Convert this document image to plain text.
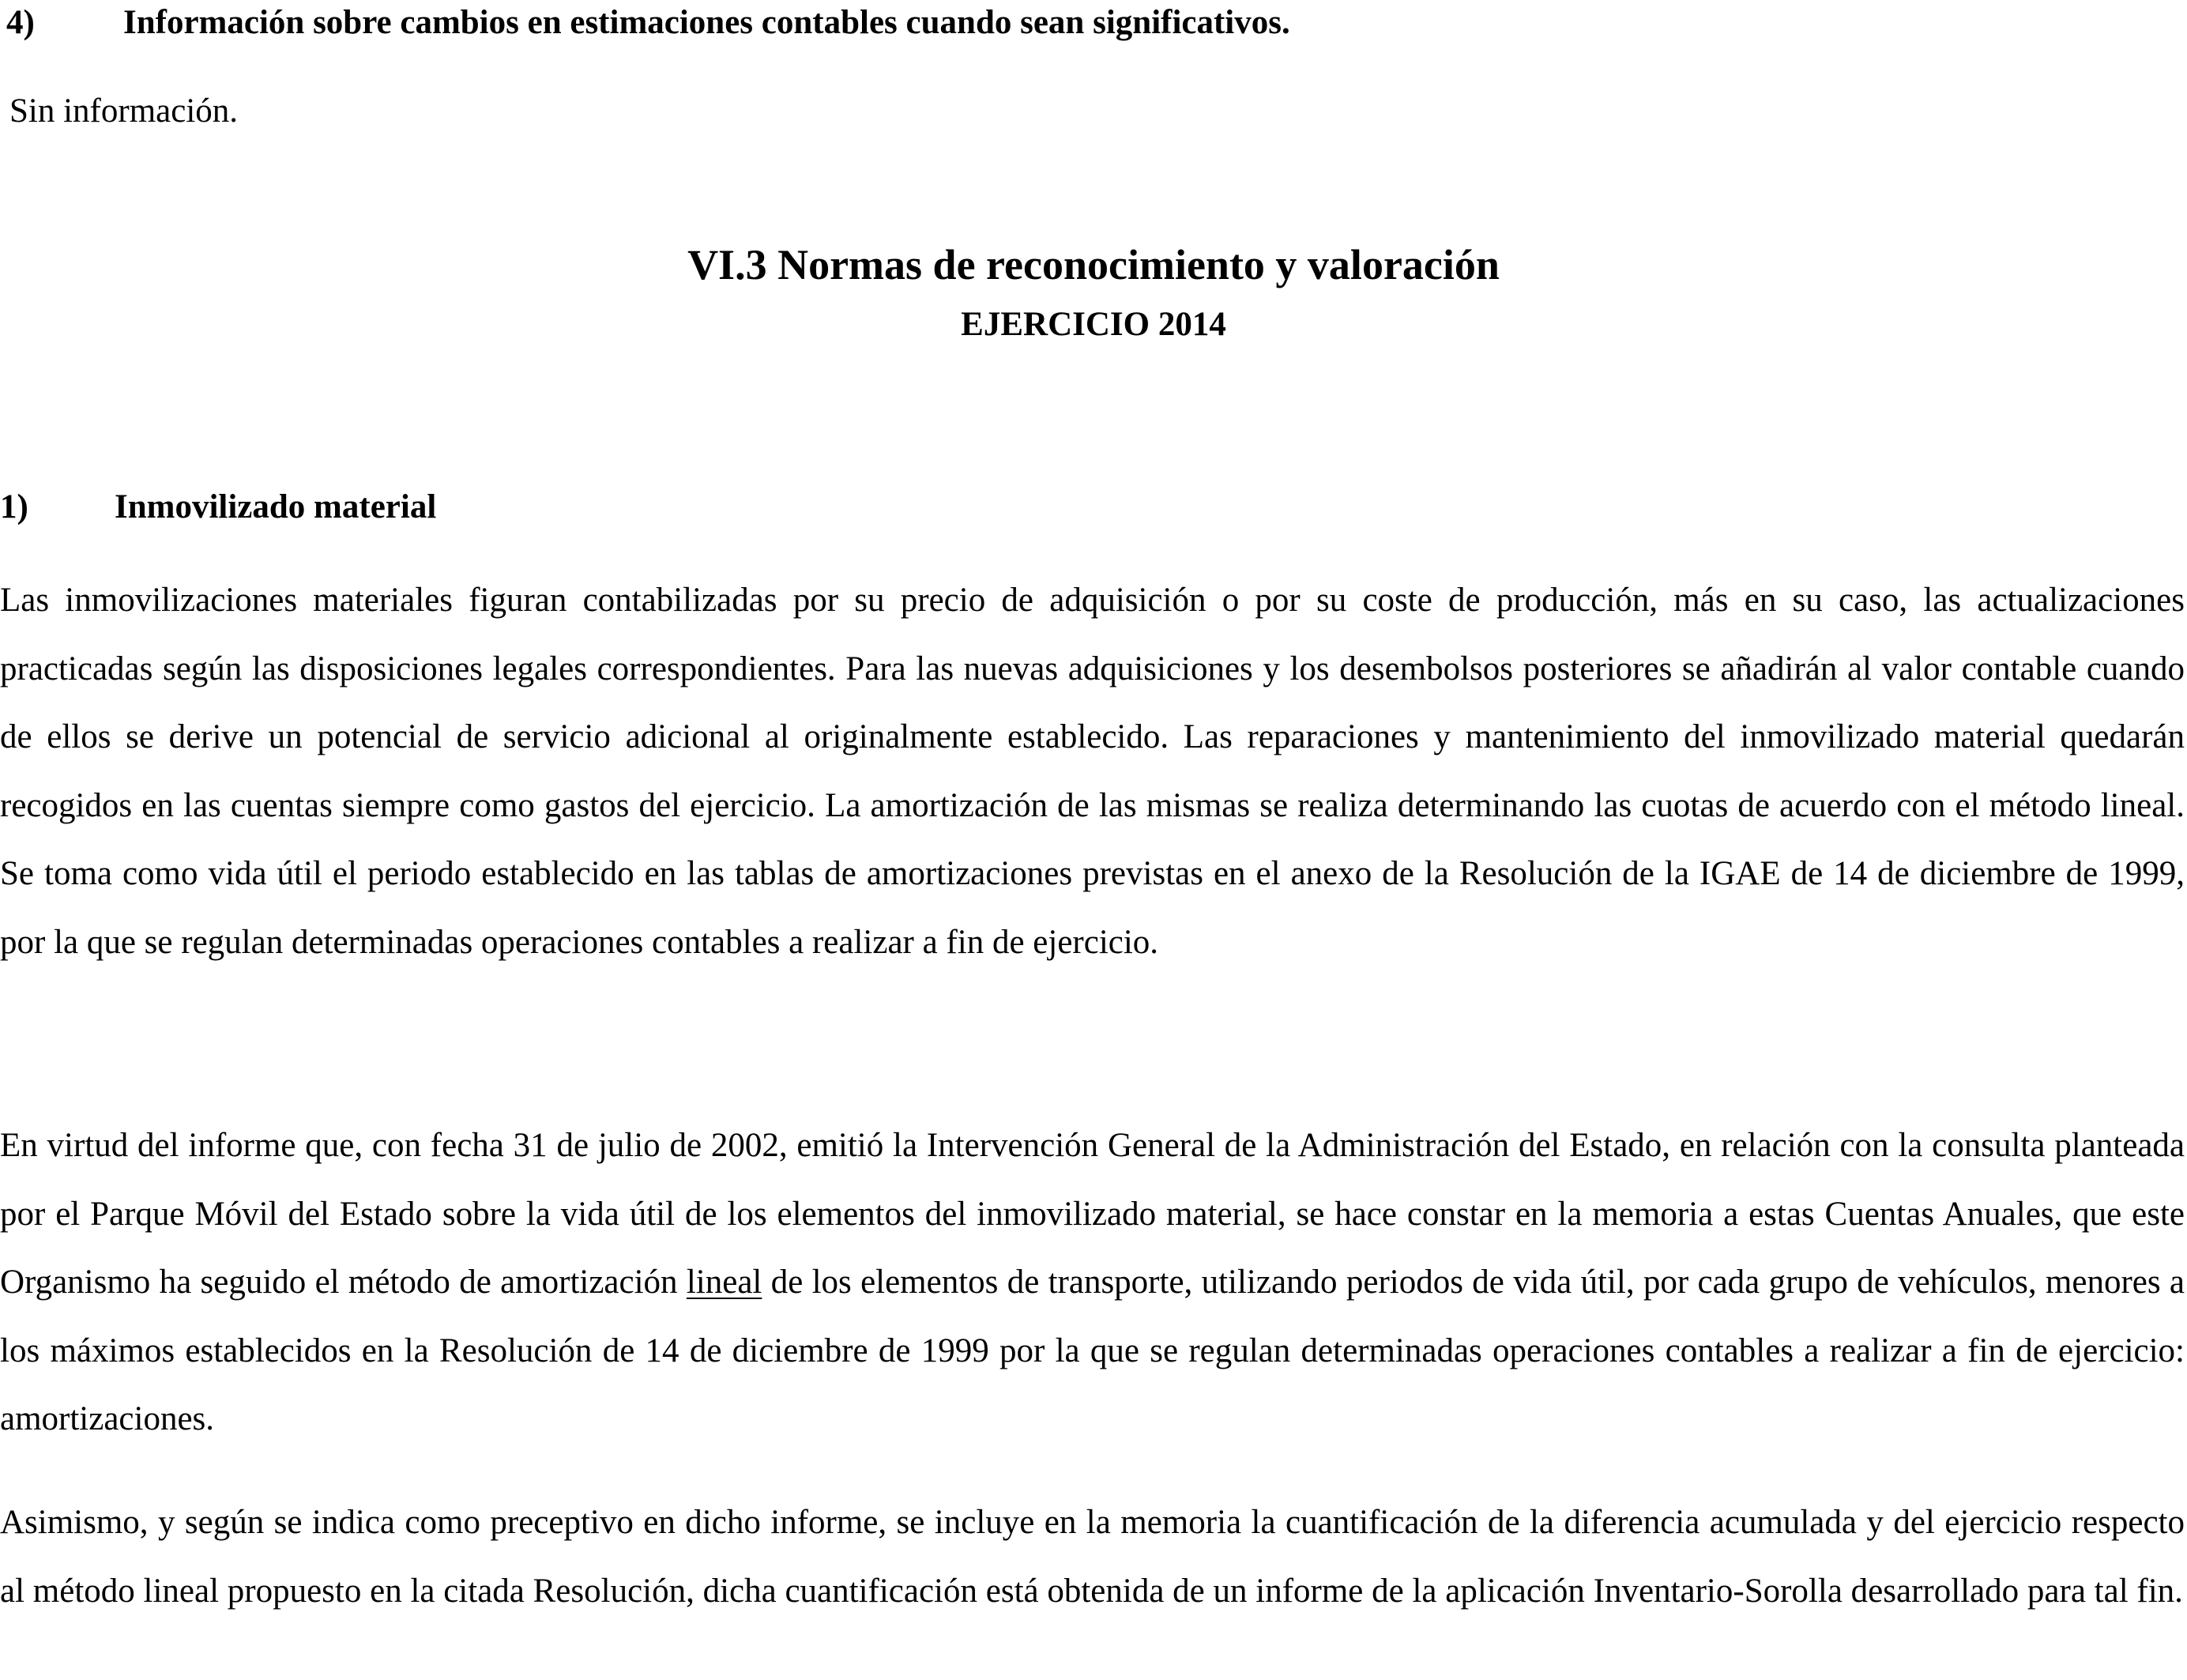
4)	Información sobre cambios en estimaciones contables cuando sean significativos.
Sin información.
VI.3 Normas de reconocimiento y valoración
EJERCICIO 2014
1)	Inmovilizado material

Las inmovilizaciones materiales figuran contabilizadas por su precio de adquisición o por su coste de producción, más en su caso, las actualizaciones practicadas según las disposiciones legales correspondientes. Para las nuevas adquisiciones y los desembolsos posteriores se añadirán al valor contable cuando de ellos se derive un potencial de servicio adicional al originalmente establecido. Las reparaciones y mantenimiento del inmovilizado material quedarán recogidos en las cuentas siempre como gastos del ejercicio. La amortización de las mismas se realiza determinando las cuotas de acuerdo con el método lineal. Se toma como vida útil el periodo establecido en las tablas de amortizaciones previstas en el anexo de la Resolución de la IGAE de 14 de diciembre de 1999, por la que se regulan determinadas operaciones contables a realizar a fin de ejercicio.

En virtud del informe que, con fecha 31 de julio de 2002, emitió la Intervención General de la Administración del Estado, en relación con la consulta planteada por el Parque Móvil del Estado sobre la vida útil de los elementos del inmovilizado material, se hace constar en la memoria a estas Cuentas Anuales, que este Organismo ha seguido el método de amortización lineal de los elementos de transporte, utilizando periodos de vida útil, por cada grupo de vehículos, menores a los máximos establecidos en la Resolución de 14 de diciembre de 1999 por la que se regulan determinadas operaciones contables a realizar a fin de ejercicio: amortizaciones.

Asimismo, y según se indica como preceptivo en dicho informe, se incluye en la memoria la cuantificación de la diferencia acumulada y del ejercicio respecto al método lineal propuesto en la citada Resolución, dicha cuantificación está obtenida de un informe de la aplicación Inventario-Sorolla desarrollado para tal fin.
